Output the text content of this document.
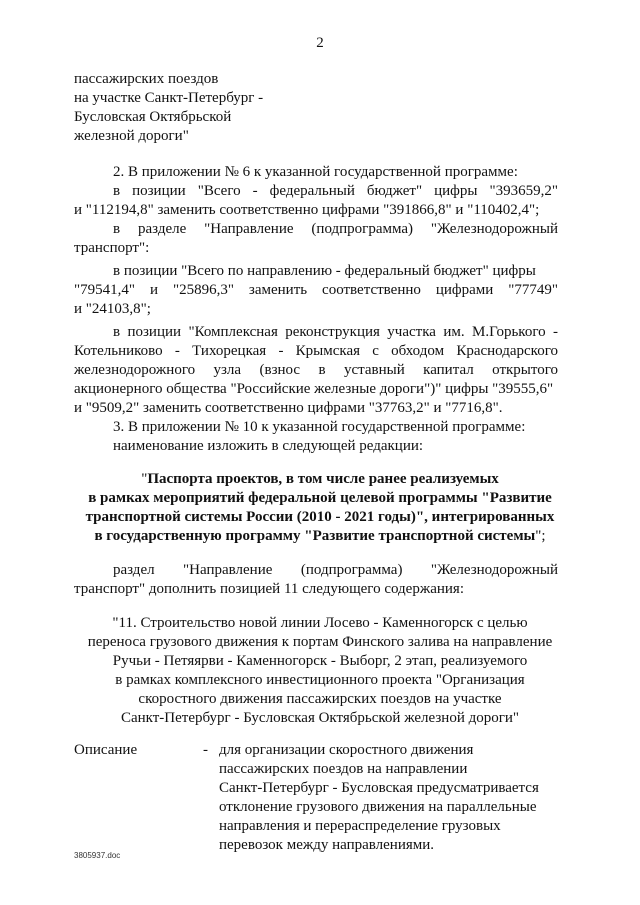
2

пассажирских поездов

на участке Санкт-Петербург -

Бусловская Октябрьской

железной дороги"

2. В приложении № 6 к указанной государственной программе:

в позиции "Всего - федеральный бюджет" цифры "393659,2"

и "112194,8" заменить соответственно цифрами "391866,8" и "110402,4";

в разделе "Направление (подпрограмма) "Железнодорожный

транспорт":

в позиции "Всего по направлению - федеральный бюджет" цифры

"79541,4" и "25896,3" заменить соответственно цифрами "77749"

и "24103,8";

в позиции "Комплексная реконструкция участка им. М.Горького -

Котельниково - Тихорецкая - Крымская с обходом Краснодарского

железнодорожного узла (взнос в уставный капитал открытого

акционерного общества "Российские железные дороги")" цифры "39555,6"

и "9509,2" заменить соответственно цифрами "37763,2" и "7716,8".

3. В приложении № 10 к указанной государственной программе:

наименование изложить в следующей редакции:

"Паспорта проектов, в том числе ранее реализуемых

в рамках мероприятий федеральной целевой программы "Развитие

транспортной системы России (2010 - 2021 годы)", интегрированных

в государственную программу "Развитие транспортной системы";

раздел "Направление (подпрограмма) "Железнодорожный

транспорт" дополнить позицией 11 следующего содержания:

"11. Строительство новой линии Лосево - Каменногорск с целью

переноса грузового движения к портам Финского залива на направление

Ручьи - Петяярви - Каменногорск - Выборг, 2 этап, реализуемого

в рамках комплексного инвестиционного проекта "Организация

скоростного движения пассажирских поездов на участке

Санкт-Петербург - Бусловская Октябрьской железной дороги"

Описание	- для организации скоростного движения

пассажирских поездов на направлении

Санкт-Петербург - Бусловская предусматривается

отклонение грузового движения на параллельные

направления и перераспределение грузовых

перевозок между направлениями.

3805937.doc
